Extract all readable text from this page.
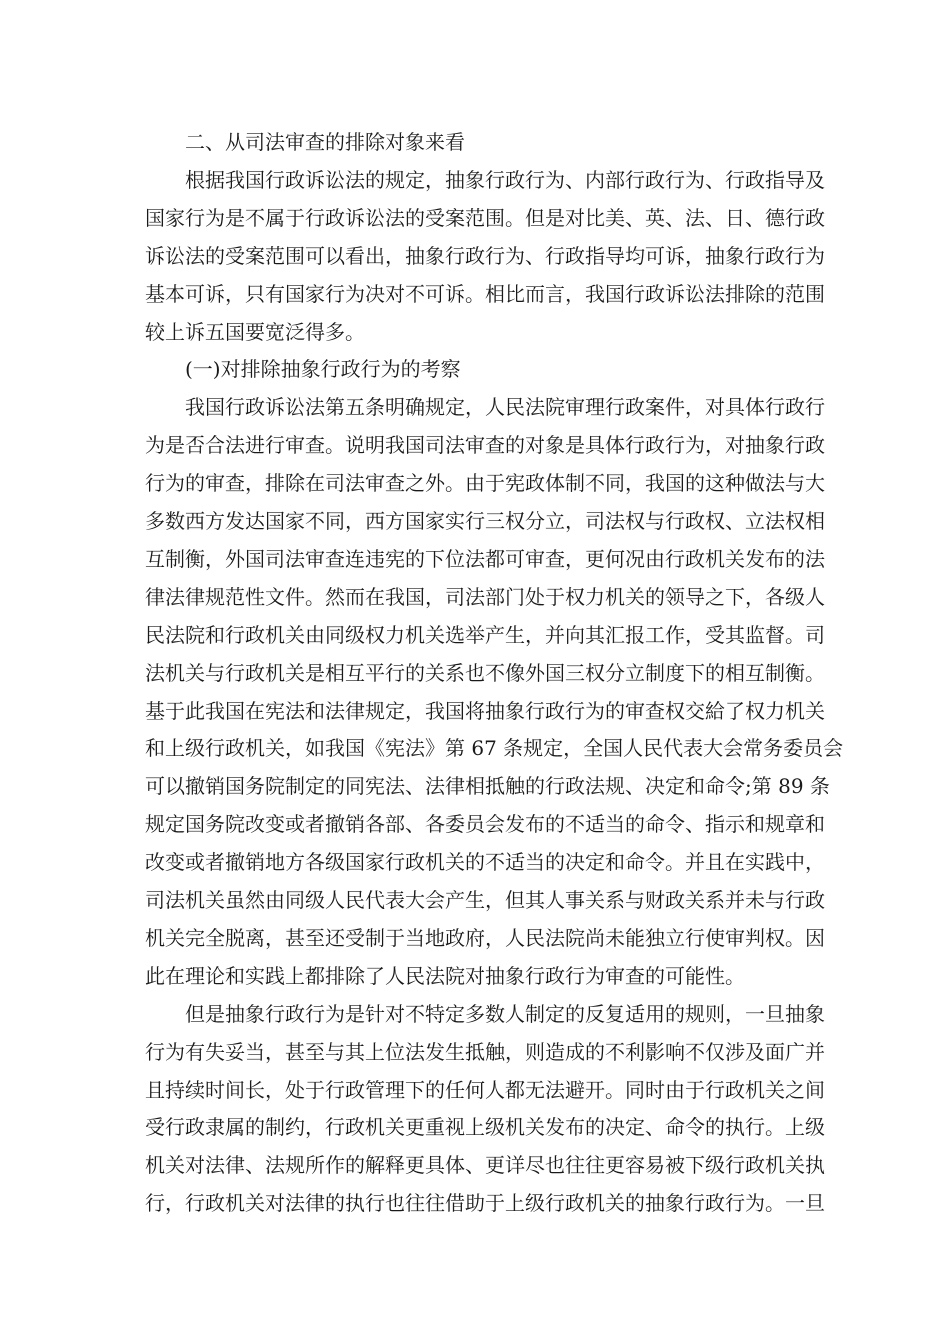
二、从司法审查的排除对象来看
根据我国行政诉讼法的规定，抽象行政行为、内部行政行为、行政指导及
国家行为是不属于行政诉讼法的受案范围。但是对比美、英、法、日、德行政
诉讼法的受案范围可以看出，抽象行政行为、行政指导均可诉，抽象行政行为
基本可诉，只有国家行为决对不可诉。相比而言，我国行政诉讼法排除的范围
较上诉五国要宽泛得多。
(一)对排除抽象行政行为的考察
我国行政诉讼法第五条明确规定，人民法院审理行政案件，对具体行政行
为是否合法进行审查。说明我国司法审查的对象是具体行政行为，对抽象行政
行为的审查，排除在司法审查之外。由于宪政体制不同，我国的这种做法与大
多数西方发达国家不同，西方国家实行三权分立，司法权与行政权、立法权相
互制衡，外国司法审查连违宪的下位法都可审查，更何况由行政机关发布的法
律法律规范性文件。然而在我国，司法部门处于权力机关的领导之下，各级人
民法院和行政机关由同级权力机关选举产生，并向其汇报工作，受其监督。司
法机关与行政机关是相互平行的关系也不像外国三权分立制度下的相互制衡。
基于此我国在宪法和法律规定，我国将抽象行政行为的审查权交給了权力机关
和上级行政机关，如我国《宪法》第 67 条规定，全国人民代表大会常务委员会
可以撤销国务院制定的同宪法、法律相抵触的行政法规、决定和命令;第 89 条
规定国务院改变或者撤销各部、各委员会发布的不适当的命令、指示和规章和
改变或者撤销地方各级国家行政机关的不适当的决定和命令。并且在实践中，
司法机关虽然由同级人民代表大会产生，但其人事关系与财政关系并未与行政
机关完全脱离，甚至还受制于当地政府，人民法院尚未能独立行使审判权。因
此在理论和实践上都排除了人民法院对抽象行政行为审查的可能性。
但是抽象行政行为是针对不特定多数人制定的反复适用的规则，一旦抽象
行为有失妥当，甚至与其上位法发生抵触，则造成的不利影响不仅涉及面广并
且持续时间长，处于行政管理下的任何人都无法避开。同时由于行政机关之间
受行政隶属的制约，行政机关更重视上级机关发布的决定、命令的执行。上级
机关对法律、法规所作的解释更具体、更详尽也往往更容易被下级行政机关执
行，行政机关对法律的执行也往往借助于上级行政机关的抽象行政行为。一旦
